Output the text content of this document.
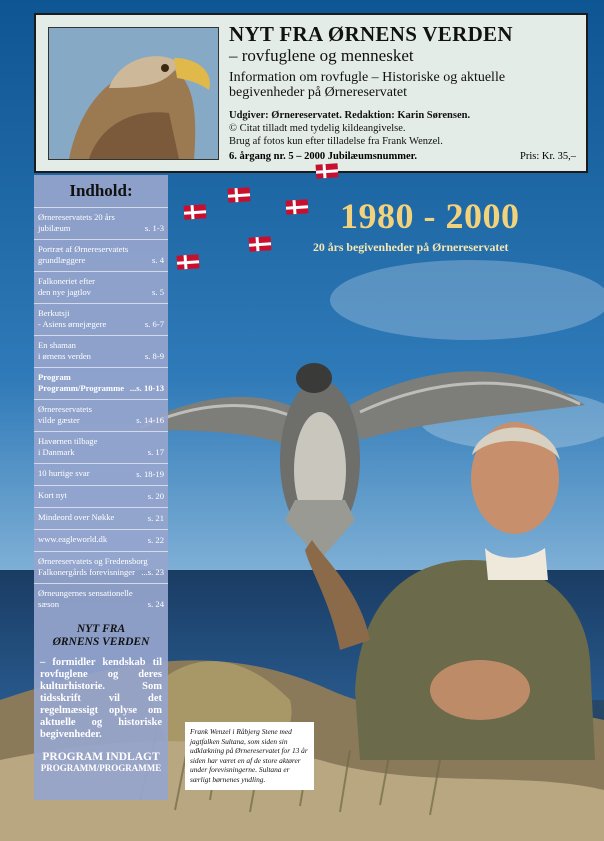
NYT FRA ØRNENS VERDEN
– rovfuglene og mennesket
Information om rovfugle – Historiske og aktuelle
begivenheder på Ørnereservatet
Udgiver: Ørnereservatet. Redaktion: Karin Sørensen.
© Citat tilladt med tydelig kildeangivelse.
Brug af fotos kun efter tilladelse fra Frank Wenzel.
6. årgang nr. 5 – 2000 Jubilæumsnummer.	Pris: Kr. 35,–
1980 - 2000
20 års begivenheder på Ørnereservatet
Indhold:
Ørnereservatets 20 års
jubilæum	s. 1-3
Portræt af Ørnereservatets
grundlæggere	s. 4
Falkoneriet efter
den nye jagtlov	s. 5
Berkutsji
- Asiens ørnejægere	s. 6-7
En shaman
i ørnens verden	s. 8-9
Program
Programm/Programme ...s. 10-13
Ørnereservatets
vilde gæster	s. 14-16
Havørnen tilbage
i Danmark	s. 17
10 hurtige svar	s. 18-19
Kort nyt	s. 20
Mindeord over Nøkke	s. 21
www.eagleworld.dk	s. 22
Ørnereservatets og Fredensborg
Falkonergårds forevisninger ...s. 23
Ørneungernes sensationelle
sæson	s. 24
NYT FRA
ØRNENS VERDEN
– formidler kendskab til rovfuglene og deres kulturhistorie. Som tidsskrift vil det regelmæssigt oplyse om aktuelle og historiske begivenheder.
PROGRAM INDLAGT
PROGRAMM/PROGRAMME
Frank Wenzel i Råbjerg Stene med jagtfalken Sultana, som siden sin udklækning på Ørnereservatet for 13 år siden har været en af de store aktører under forevisningerne. Sultana er særligt børnenes yndling.
